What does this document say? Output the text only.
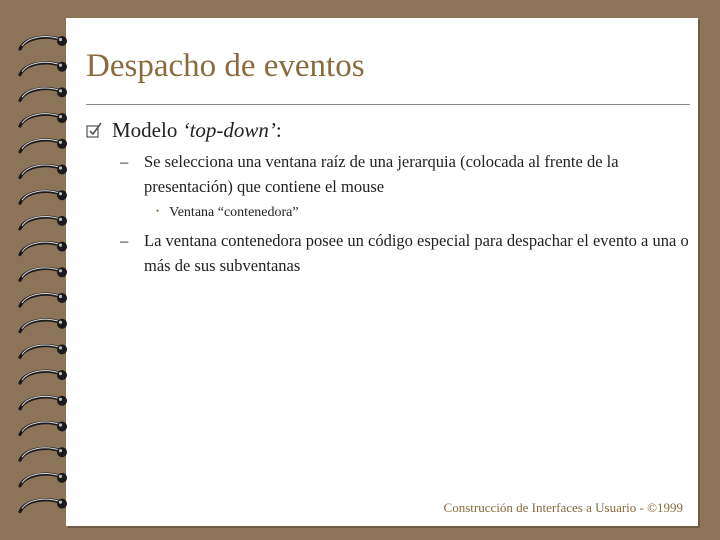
Despacho de eventos
Modelo ‘top-down’:
– Se selecciona una ventana raíz de una jerarquia (colocada al frente de la presentación) que contiene el mouse
• Ventana “contenedora”
– La ventana contenedora posee un código especial para despachar el evento a una o más de sus subventanas
Construcción de Interfaces a Usuario - ©1999
